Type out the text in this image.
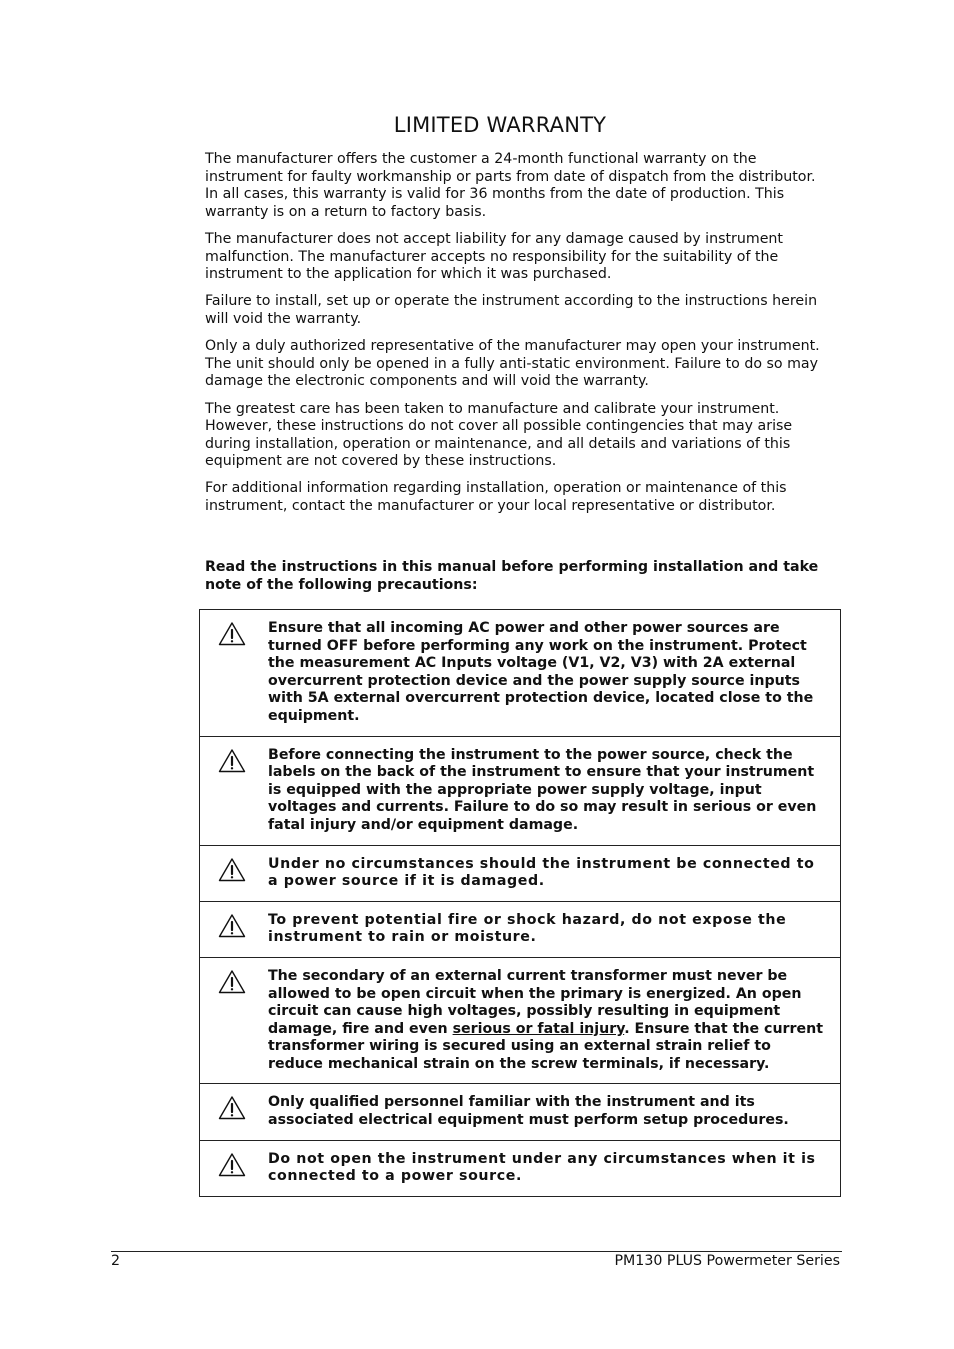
LIMITED WARRANTY

The manufacturer offers the customer a 24-month functional warranty on the instrument for faulty workmanship or parts from date of dispatch from the distributor. In all cases, this warranty is valid for 36 months from the date of production. This warranty is on a return to factory basis.

The manufacturer does not accept liability for any damage caused by instrument malfunction. The manufacturer accepts no responsibility for the suitability of the instrument to the application for which it was purchased.

Failure to install, set up or operate the instrument according to the instructions herein will void the warranty.

Only a duly authorized representative of the manufacturer may open your instrument. The unit should only be opened in a fully anti-static environment. Failure to do so may damage the electronic components and will void the warranty.

The greatest care has been taken to manufacture and calibrate your instrument. However, these instructions do not cover all possible contingencies that may arise during installation, operation or maintenance, and all details and variations of this equipment are not covered by these instructions.

For additional information regarding installation, operation or maintenance of this instrument, contact the manufacturer or your local representative or distributor.

Read the instructions in this manual before performing installation and take note of the following precautions:
Ensure that all incoming AC power and other power sources are turned OFF before performing any work on the instrument. Protect the measurement AC Inputs voltage (V1, V2, V3) with 2A external overcurrent protection device and the power supply source inputs with 5A external overcurrent protection device, located close to the equipment.
Before connecting the instrument to the power source, check the labels on the back of the instrument to ensure that your instrument is equipped with the appropriate power supply voltage, input voltages and currents. Failure to do so may result in serious or even fatal injury and/or equipment damage.
Under no circumstances should the instrument be connected to a power source if it is damaged.
To prevent potential fire or shock hazard, do not expose the instrument to rain or moisture.
The secondary of an external current transformer must never be allowed to be open circuit when the primary is energized. An open circuit can cause high voltages, possibly resulting in equipment damage, fire and even serious or fatal injury. Ensure that the current transformer wiring is secured using an external strain relief to reduce mechanical strain on the screw terminals, if necessary.
Only qualified personnel familiar with the instrument and its associated electrical equipment must perform setup procedures.
Do not open the instrument under any circumstances when it is connected to a power source.
2	PM130 PLUS Powermeter Series
